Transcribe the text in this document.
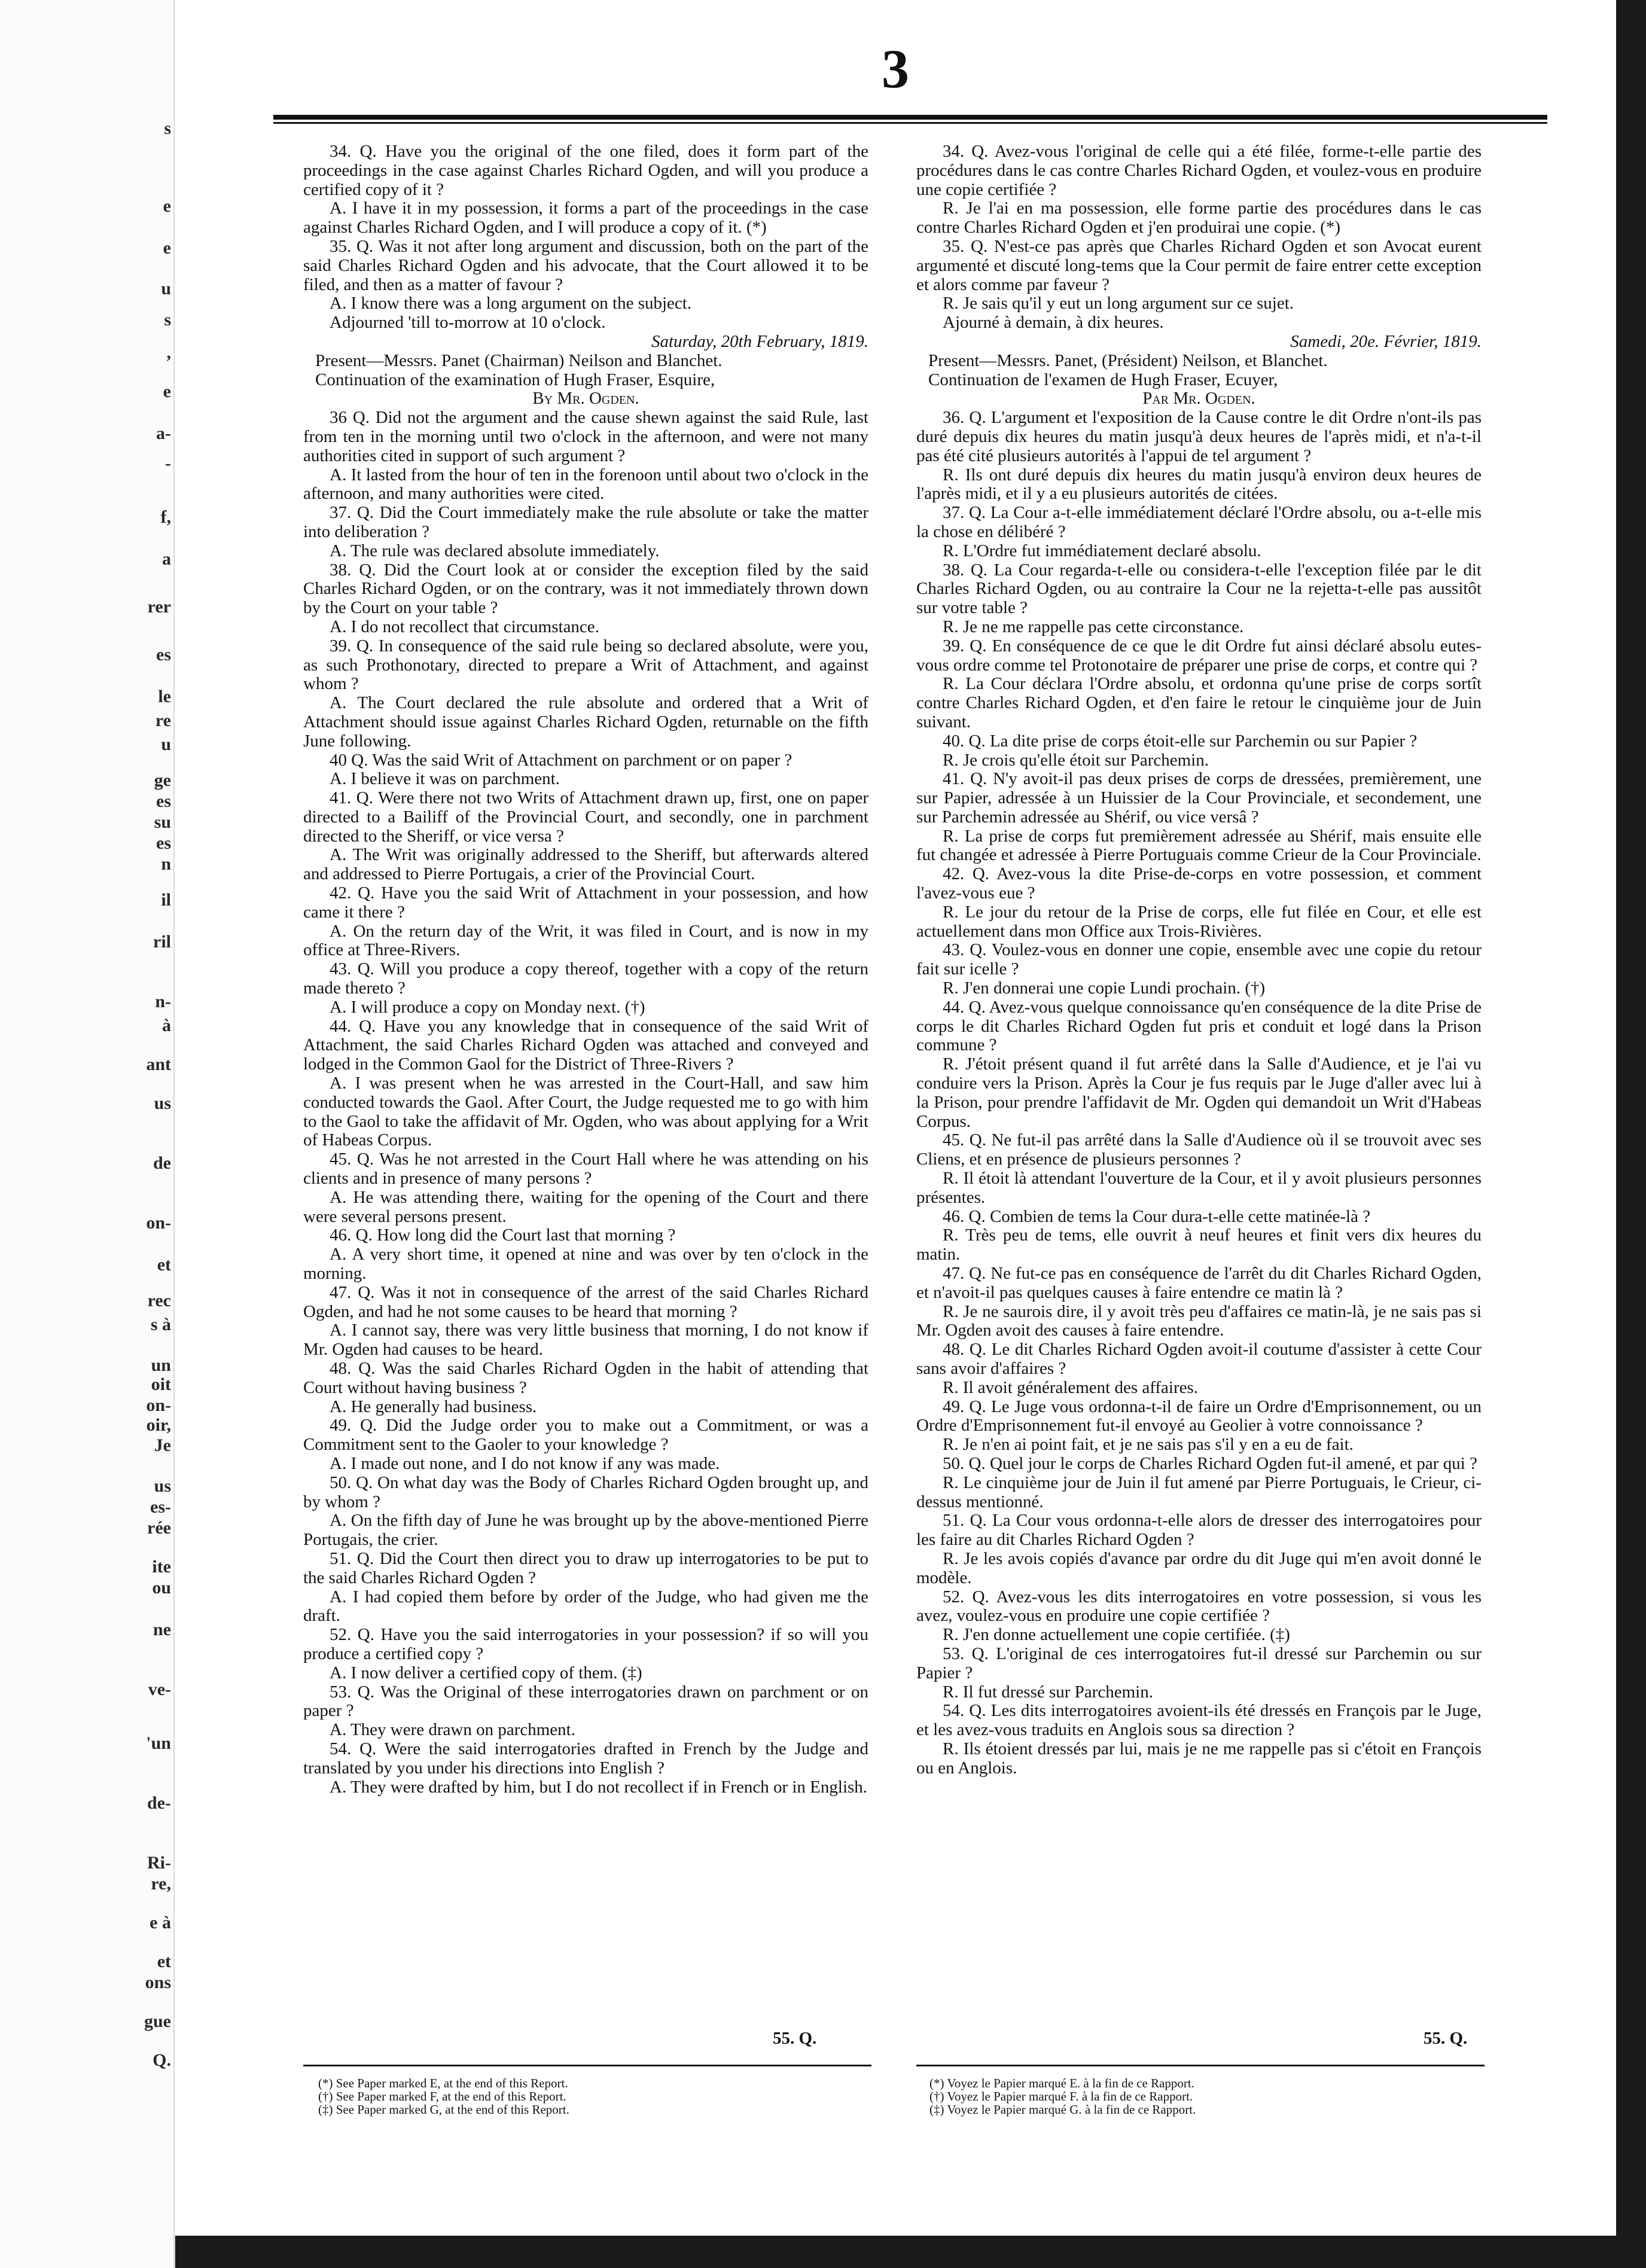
s
e
e
u
s
,
e
a-
-
f,
a
rer
es
le
re
u
ge
es
su
es
n
il
ril
n-
à
ant
us
de
on-
et
rec
s à
un
oit
on-
oir,
Je
us
es-
rée
ite
ou
ne
ve-
'un
de-
Ri-
re,
e à
et
ons
gue
Q.
3

34. Q. Have you the original of the one filed, does it form part of the proceedings in the case against Charles Richard Ogden, and will you produce a certified copy of it ?

A. I have it in my possession, it forms a part of the proceedings in the case against Charles Richard Ogden, and I will produce a copy of it. (*)

35. Q. Was it not after long argument and discussion, both on the part of the said Charles Richard Ogden and his advocate, that the Court allowed it to be filed, and then as a matter of favour ?

A. I know there was a long argument on the subject.

Adjourned 'till to-morrow at 10 o'clock.

Saturday, 20th February, 1819.

Present—Messrs. Panet (Chairman) Neilson and Blanchet.

Continuation of the examination of Hugh Fraser, Esquire,

By Mr. Ogden.

36 Q. Did not the argument and the cause shewn against the said Rule, last from ten in the morning until two o'clock in the afternoon, and were not many authorities cited in support of such argument ?

A. It lasted from the hour of ten in the forenoon until about two o'clock in the afternoon, and many authorities were cited.

37. Q. Did the Court immediately make the rule absolute or take the matter into deliberation ?

A. The rule was declared absolute immediately.

38. Q. Did the Court look at or consider the exception filed by the said Charles Richard Ogden, or on the contrary, was it not immediately thrown down by the Court on your table ?

A. I do not recollect that circumstance.

39. Q. In consequence of the said rule being so declared absolute, were you, as such Prothonotary, directed to prepare a Writ of Attachment, and against whom ?

A. The Court declared the rule absolute and ordered that a Writ of Attachment should issue against Charles Richard Ogden, returnable on the fifth June following.

40 Q. Was the said Writ of Attachment on parchment or on paper ?

A. I believe it was on parchment.

41. Q. Were there not two Writs of Attachment drawn up, first, one on paper directed to a Bailiff of the Provincial Court, and secondly, one in parchment directed to the Sheriff, or vice versa ?

A. The Writ was originally addressed to the Sheriff, but afterwards altered and addressed to Pierre Portugais, a crier of the Provincial Court.

42. Q. Have you the said Writ of Attachment in your possession, and how came it there ?

A. On the return day of the Writ, it was filed in Court, and is now in my office at Three-Rivers.

43. Q. Will you produce a copy thereof, together with a copy of the return made thereto ?

A. I will produce a copy on Monday next. (†)

44. Q. Have you any knowledge that in consequence of the said Writ of Attachment, the said Charles Richard Ogden was attached and conveyed and lodged in the Common Gaol for the District of Three-Rivers ?

A. I was present when he was arrested in the Court-Hall, and saw him conducted towards the Gaol. After Court, the Judge requested me to go with him to the Gaol to take the affidavit of Mr. Ogden, who was about applying for a Writ of Habeas Corpus.

45. Q. Was he not arrested in the Court Hall where he was attending on his clients and in presence of many persons ?

A. He was attending there, waiting for the opening of the Court and there were several persons present.

46. Q. How long did the Court last that morning ?

A. A very short time, it opened at nine and was over by ten o'clock in the morning.

47. Q. Was it not in consequence of the arrest of the said Charles Richard Ogden, and had he not some causes to be heard that morning ?

A. I cannot say, there was very little business that morning, I do not know if Mr. Ogden had causes to be heard.

48. Q. Was the said Charles Richard Ogden in the habit of attending that Court without having business ?

A. He generally had business.

49. Q. Did the Judge order you to make out a Commitment, or was a Commitment sent to the Gaoler to your knowledge ?

A. I made out none, and I do not know if any was made.

50. Q. On what day was the Body of Charles Richard Ogden brought up, and by whom ?

A. On the fifth day of June he was brought up by the above-mentioned Pierre Portugais, the crier.

51. Q. Did the Court then direct you to draw up interrogatories to be put to the said Charles Richard Ogden ?

A. I had copied them before by order of the Judge, who had given me the draft.

52. Q. Have you the said interrogatories in your possession? if so will you produce a certified copy ?

A. I now deliver a certified copy of them. (‡)

53. Q. Was the Original of these interrogatories drawn on parchment or on paper ?

A. They were drawn on parchment.

54. Q. Were the said interrogatories drafted in French by the Judge and translated by you under his directions into English ?

A. They were drafted by him, but I do not recollect if in French or in English.

34. Q. Avez-vous l'original de celle qui a été filée, forme-t-elle partie des procédures dans le cas contre Charles Richard Ogden, et voulez-vous en produire une copie certifiée ?

R. Je l'ai en ma possession, elle forme partie des procédures dans le cas contre Charles Richard Ogden et j'en produirai une copie. (*)

35. Q. N'est-ce pas après que Charles Richard Ogden et son Avocat eurent argumenté et discuté long-tems que la Cour permit de faire entrer cette exception et alors comme par faveur ?

R. Je sais qu'il y eut un long argument sur ce sujet.

Ajourné à demain, à dix heures.

Samedi, 20e. Février, 1819.

Present—Messrs. Panet, (Président) Neilson, et Blanchet.

Continuation de l'examen de Hugh Fraser, Ecuyer,

Par Mr. Ogden.

36. Q. L'argument et l'exposition de la Cause contre le dit Ordre n'ont-ils pas duré depuis dix heures du matin jusqu'à deux heures de l'après midi, et n'a-t-il pas été cité plusieurs autorités à l'appui de tel argument ?

R. Ils ont duré depuis dix heures du matin jusqu'à environ deux heures de l'après midi, et il y a eu plusieurs autorités de citées.

37. Q. La Cour a-t-elle immédiatement déclaré l'Ordre absolu, ou a-t-elle mis la chose en délibéré ?

R. L'Ordre fut immédiatement declaré absolu.

38. Q. La Cour regarda-t-elle ou considera-t-elle l'exception filée par le dit Charles Richard Ogden, ou au contraire la Cour ne la rejetta-t-elle pas aussitôt sur votre table ?

R. Je ne me rappelle pas cette circonstance.

39. Q. En conséquence de ce que le dit Ordre fut ainsi déclaré absolu eutes-vous ordre comme tel Protonotaire de préparer une prise de corps, et contre qui ?

R. La Cour déclara l'Ordre absolu, et ordonna qu'une prise de corps sortît contre Charles Richard Ogden, et d'en faire le retour le cinquième jour de Juin suivant.

40. Q. La dite prise de corps étoit-elle sur Parchemin ou sur Papier ?

R. Je crois qu'elle étoit sur Parchemin.

41. Q. N'y avoit-il pas deux prises de corps de dressées, premièrement, une sur Papier, adressée à un Huissier de la Cour Provinciale, et secondement, une sur Parchemin adressée au Shérif, ou vice versâ ?

R. La prise de corps fut premièrement adressée au Shérif, mais ensuite elle fut changée et adressée à Pierre Portuguais comme Crieur de la Cour Provinciale.

42. Q. Avez-vous la dite Prise-de-corps en votre possession, et comment l'avez-vous eue ?

R. Le jour du retour de la Prise de corps, elle fut filée en Cour, et elle est actuellement dans mon Office aux Trois-Rivières.

43. Q. Voulez-vous en donner une copie, ensemble avec une copie du retour fait sur icelle ?

R. J'en donnerai une copie Lundi prochain. (†)

44. Q. Avez-vous quelque connoissance qu'en conséquence de la dite Prise de corps le dit Charles Richard Ogden fut pris et conduit et logé dans la Prison commune ?

R. J'étoit présent quand il fut arrêté dans la Salle d'Audience, et je l'ai vu conduire vers la Prison. Après la Cour je fus requis par le Juge d'aller avec lui à la Prison, pour prendre l'affidavit de Mr. Ogden qui demandoit un Writ d'Habeas Corpus.

45. Q. Ne fut-il pas arrêté dans la Salle d'Audience où il se trouvoit avec ses Cliens, et en présence de plusieurs personnes ?

R. Il étoit là attendant l'ouverture de la Cour, et il y avoit plusieurs personnes présentes.

46. Q. Combien de tems la Cour dura-t-elle cette matinée-là ?

R. Très peu de tems, elle ouvrit à neuf heures et finit vers dix heures du matin.

47. Q. Ne fut-ce pas en conséquence de l'arrêt du dit Charles Richard Ogden, et n'avoit-il pas quelques causes à faire entendre ce matin là ?

R. Je ne saurois dire, il y avoit très peu d'affaires ce matin-là, je ne sais pas si Mr. Ogden avoit des causes à faire entendre.

48. Q. Le dit Charles Richard Ogden avoit-il coutume d'assister à cette Cour sans avoir d'affaires ?

R. Il avoit généralement des affaires.

49. Q. Le Juge vous ordonna-t-il de faire un Ordre d'Emprisonnement, ou un Ordre d'Emprisonnement fut-il envoyé au Geolier à votre connoissance ?

R. Je n'en ai point fait, et je ne sais pas s'il y en a eu de fait.

50. Q. Quel jour le corps de Charles Richard Ogden fut-il amené, et par qui ?

R. Le cinquième jour de Juin il fut amené par Pierre Portuguais, le Crieur, ci-dessus mentionné.

51. Q. La Cour vous ordonna-t-elle alors de dresser des interrogatoires pour les faire au dit Charles Richard Ogden ?

R. Je les avois copiés d'avance par ordre du dit Juge qui m'en avoit donné le modèle.

52. Q. Avez-vous les dits interrogatoires en votre possession, si vous les avez, voulez-vous en produire une copie certifiée ?

R. J'en donne actuellement une copie certifiée. (‡)

53. Q. L'original de ces interrogatoires fut-il dressé sur Parchemin ou sur Papier ?

R. Il fut dressé sur Parchemin.

54. Q. Les dits interrogatoires avoient-ils été dressés en François par le Juge, et les avez-vous traduits en Anglois sous sa direction ?

R. Ils étoient dressés par lui, mais je ne me rappelle pas si c'étoit en François ou en Anglois.

55. Q.	55. Q.
(*) See Paper marked E, at the end of this Report.
(†) See Paper marked F, at the end of this Report.
(‡) See Paper marked G, at the end of this Report.
(*) Voyez le Papier marqué E. à la fin de ce Rapport.
(†) Voyez le Papier marqué F. à la fin de ce Rapport.
(‡) Voyez le Papier marqué G. à la fin de ce Rapport.
